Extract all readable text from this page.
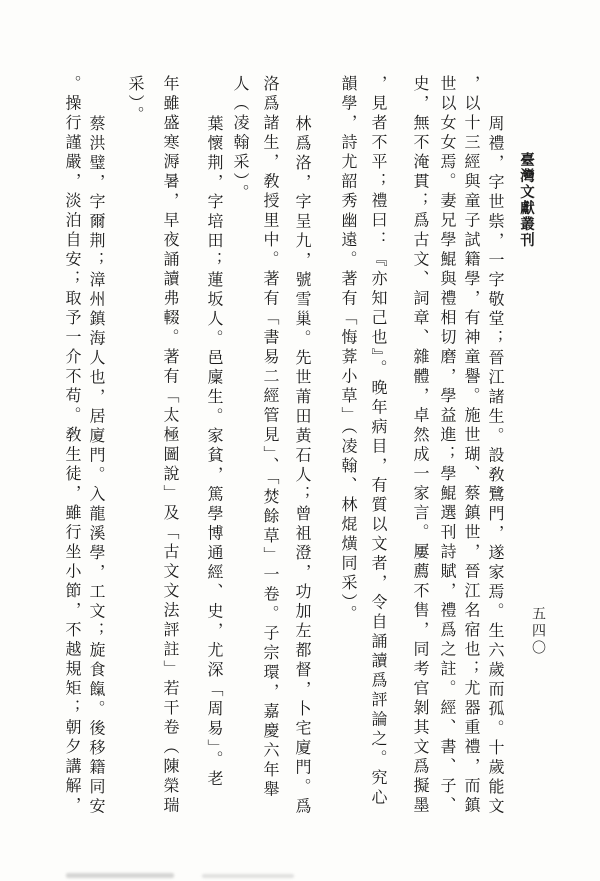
臺灣文獻叢刊
五四〇
周禮，字世祡，一字敬堂；晉江諸生。設敎鷺門，遂家焉。生六歲而孤。十歲能文
，以十三經與童子試籍學，有神童譽。施世瑚、蔡鎮世，晉江名宿也；尤器重禮，而鎮
世以女女焉。妻兄學鯤與禮相切磨，學益進；學鯤選刊詩賦，禮爲之註。經、書、子、
史，無不淹貫；爲古文、詞章、雜體，卓然成一家言。屢薦不售，同考官剝其文爲擬墨
，見者不平；禮曰：『亦知己也』。晚年病目，有質以文者，令自誦讀爲評論之。究心
韻學，詩尤韶秀幽遠。著有「悔葊小草」（凌翰、林焜熿同采）。
林爲洛，字呈九，號雪巢。先世莆田黃石人；曾祖澄，功加左都督，卜宅廈門。爲
洛爲諸生，敎授里中。著有「書易二經管見」、「焚餘草」一卷。子宗環，嘉慶六年舉
人（凌翰采）。
葉懷荆，字培田；蓮坂人。邑廩生。家貧，篤學博通經、史，尤深「周易」。老
年雖盛寒溽暑，早夜誦讀弗輟。著有「太極圖說」及「古文文法評註」若干卷（陳榮瑞
采）。
蔡洪璧，字爾荆；漳州鎮海人也，居廈門。入龍溪學，工文；旋食餼。後移籍同安
。操行謹嚴，淡泊自安；取予一介不苟。敎生徒，雖行坐小節，不越規矩；朝夕講解，
